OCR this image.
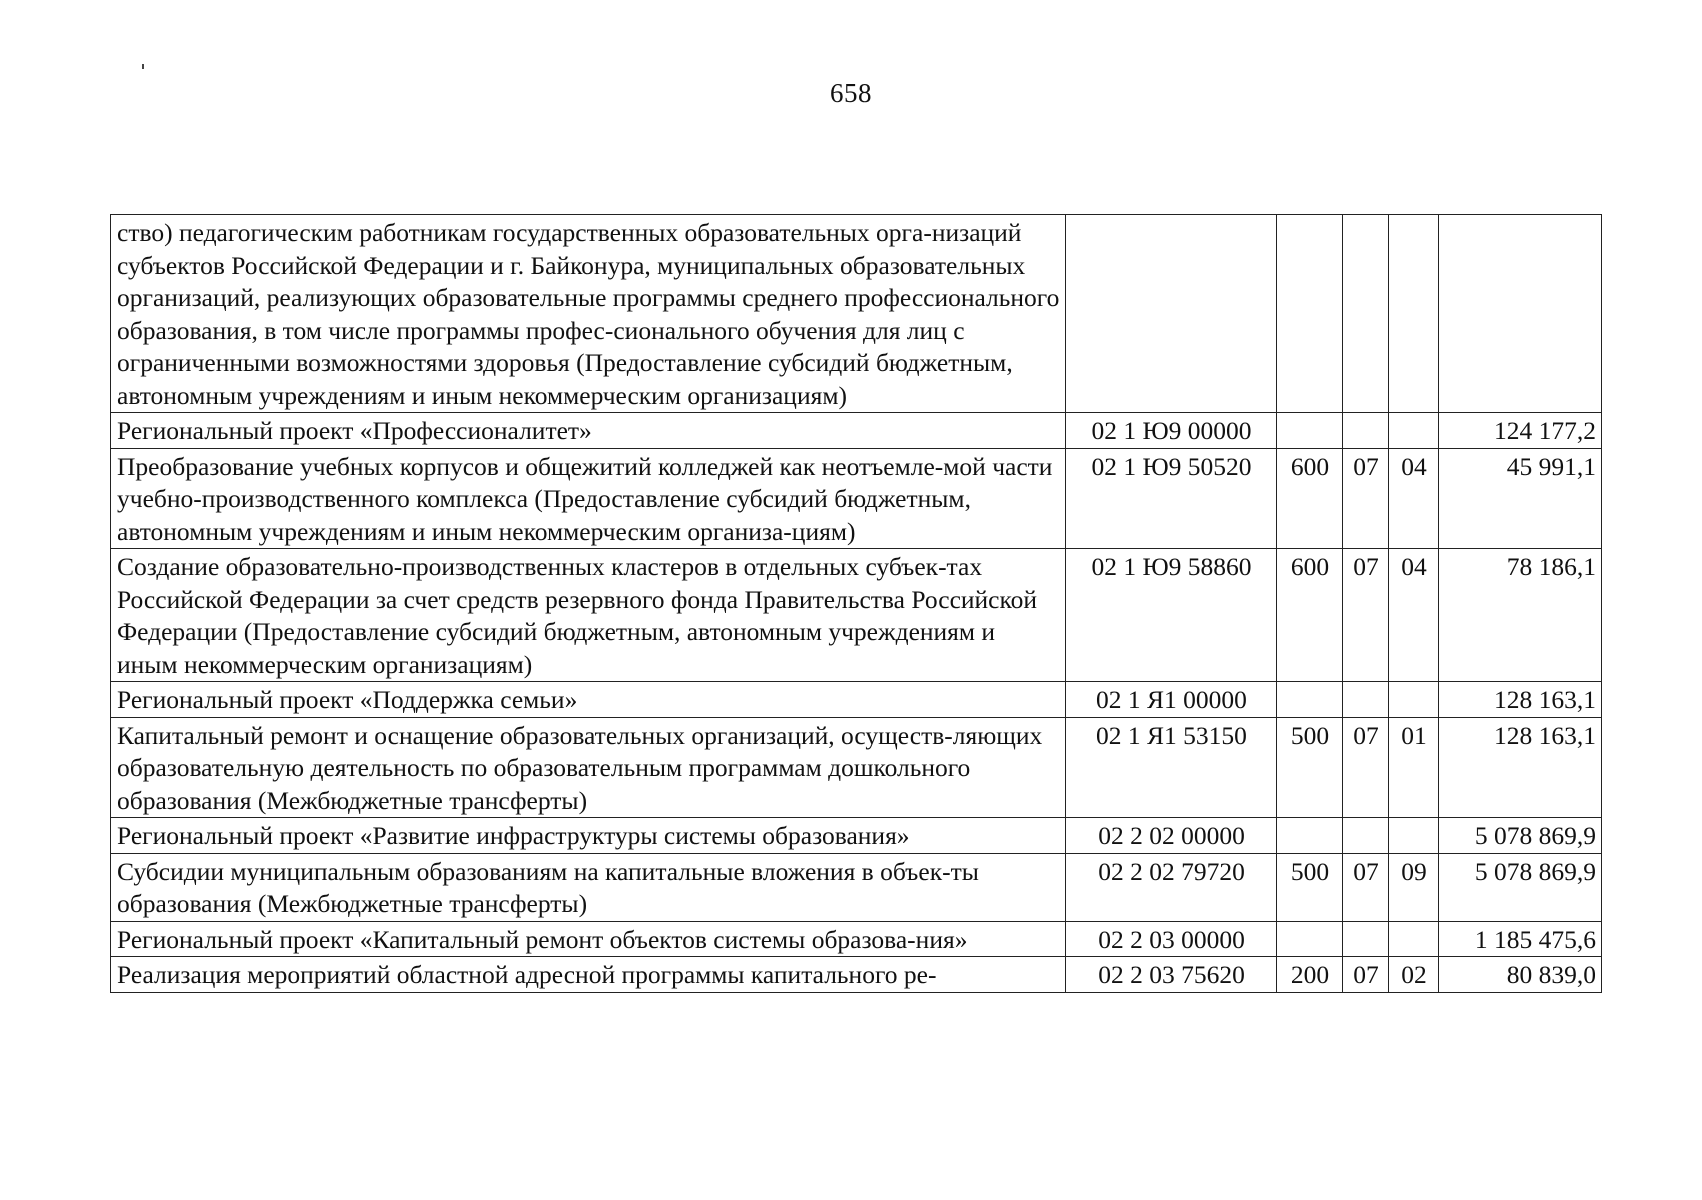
658
ство) педагогическим работникам государственных образовательных орга-низаций субъектов Российской Федерации и г. Байконура, муниципальных образовательных организаций, реализующих образовательные программы среднего профессионального образования, в том числе программы профес-сионального обучения для лиц с ограниченными возможностями здоровья (Предоставление субсидий бюджетным, автономным учреждениям и иным некоммерческим организациям)					
Региональный проект «Профессионалитет»	02 1 Ю9 00000				124 177,2
Преобразование учебных корпусов и общежитий колледжей как неотъемле-мой части учебно-производственного комплекса (Предоставление субсидий бюджетным, автономным учреждениям и иным некоммерческим организа-циям)	02 1 Ю9 50520	600	07	04	45 991,1
Создание образовательно-производственных кластеров в отдельных субъек-тах Российской Федерации за счет средств резервного фонда Правительства Российской Федерации (Предоставление субсидий бюджетным, автономным учреждениям и иным некоммерческим организациям)	02 1 Ю9 58860	600	07	04	78 186,1
Региональный проект «Поддержка семьи»	02 1 Я1 00000				128 163,1
Капитальный ремонт и оснащение образовательных организаций, осуществ-ляющих образовательную деятельность по образовательным программам дошкольного образования (Межбюджетные трансферты)	02 1 Я1 53150	500	07	01	128 163,1
Региональный проект «Развитие инфраструктуры системы образования»	02 2 02 00000				5 078 869,9
Субсидии муниципальным образованиям на капитальные вложения в объек-ты образования (Межбюджетные трансферты)	02 2 02 79720	500	07	09	5 078 869,9
Региональный проект «Капитальный ремонт объектов системы образова-ния»	02 2 03 00000				1 185 475,6
Реализация мероприятий областной адресной программы капитального ре-	02 2 03 75620	200	07	02	80 839,0
